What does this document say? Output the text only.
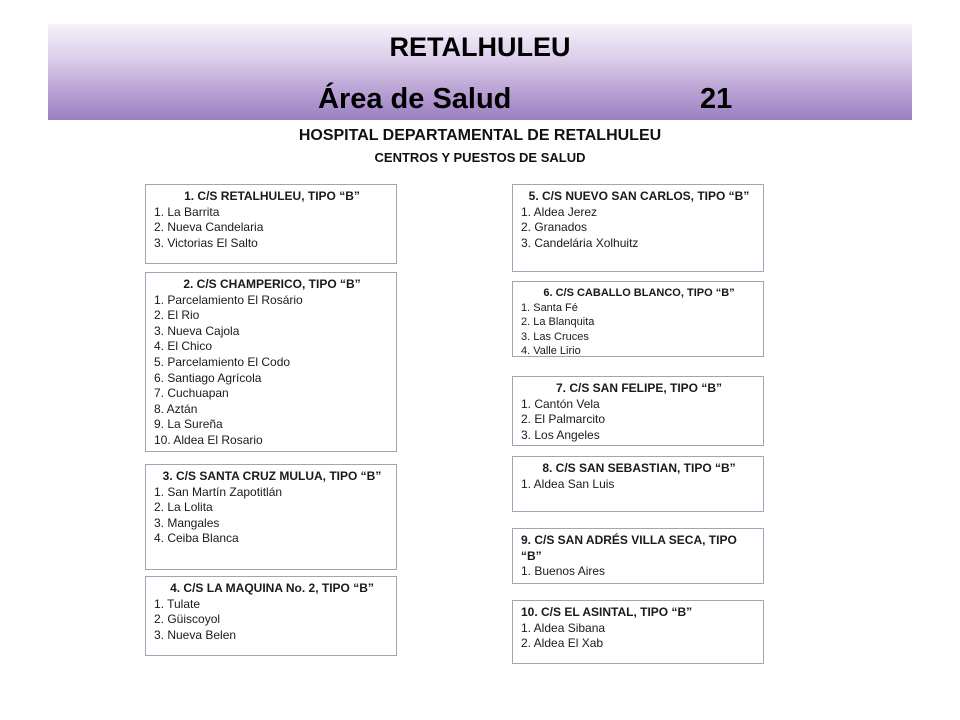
RETALHULEU
Área de Salud	21
HOSPITAL DEPARTAMENTAL DE RETALHULEU
CENTROS Y PUESTOS DE SALUD
1. C/S RETALHULEU, TIPO “B”
1. La Barrita
2. Nueva Candelaria
3. Victorias El Salto
2. C/S CHAMPERICO, TIPO “B”
1. Parcelamiento El Rosário
2. El Rio
3. Nueva Cajola
4. El Chico
5. Parcelamiento El Codo
6. Santiago Agrícola
7. Cuchuapan
8. Aztán
9. La Sureña
10. Aldea El Rosario
3. C/S SANTA CRUZ MULUA, TIPO “B”
1. San Martín Zapotitlán
2. La Lolita
3. Mangales
4. Ceiba Blanca
4. C/S LA MAQUINA No. 2, TIPO “B”
1. Tulate
2. Güiscoyol
3. Nueva Belen
5. C/S NUEVO SAN CARLOS, TIPO “B”
1. Aldea Jerez
2. Granados
3. Candelária Xolhuitz
6. C/S CABALLO BLANCO, TIPO “B”
1. Santa Fé
2. La Blanquita
3. Las Cruces
4. Valle Lirio
7. C/S SAN FELIPE, TIPO “B”
1. Cantón Vela
2. El Palmarcito
3. Los Angeles
8. C/S SAN SEBASTIAN, TIPO “B”
1. Aldea San Luis
9. C/S SAN ADRÉS VILLA SECA, TIPO “B”
1. Buenos Aires
10. C/S EL ASINTAL, TIPO “B”
1. Aldea Sibana
2. Aldea El Xab
